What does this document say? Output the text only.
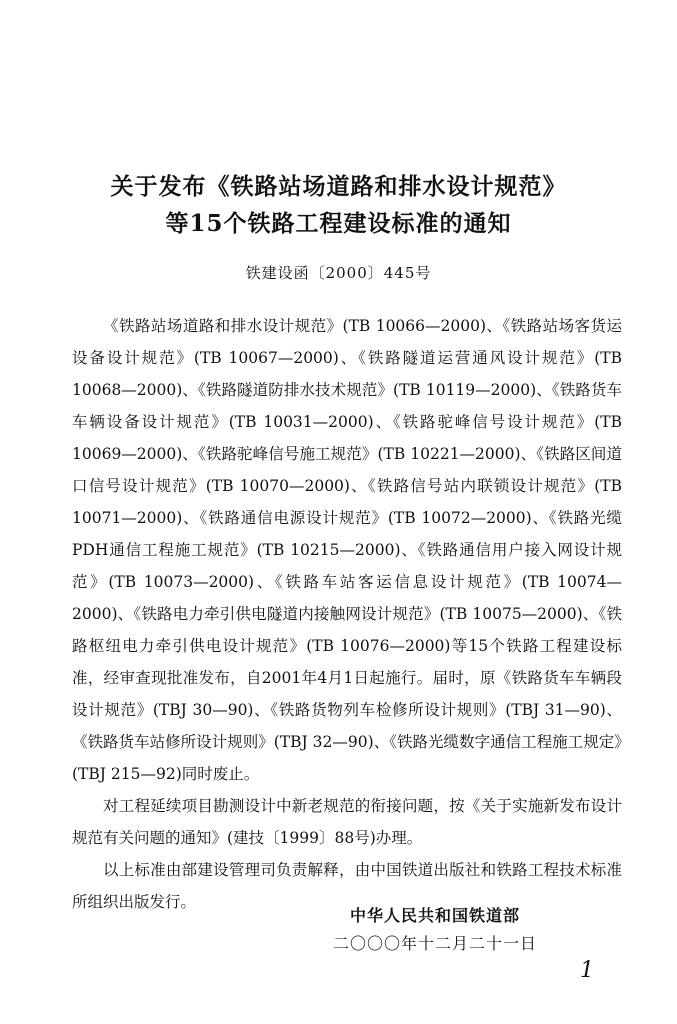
关于发布《铁路站场道路和排水设计规范》
等15个铁路工程建设标准的通知
铁建设函〔2000〕445号

《铁路站场道路和排水设计规范》(TB 10066—2000)、《铁路站场客货运设备设计规范》(TB 10067—2000)、《铁路隧道运营通风设计规范》(TB 10068—2000)、《铁路隧道防排水技术规范》(TB 10119—2000)、《铁路货车车辆设备设计规范》(TB 10031—2000)、《铁路驼峰信号设计规范》(TB 10069—2000)、《铁路驼峰信号施工规范》(TB 10221—2000)、《铁路区间道口信号设计规范》(TB 10070—2000)、《铁路信号站内联锁设计规范》(TB 10071—2000)、《铁路通信电源设计规范》(TB 10072—2000)、《铁路光缆PDH通信工程施工规范》(TB 10215—2000)、《铁路通信用户接入网设计规范》(TB 10073—2000)、《铁路车站客运信息设计规范》(TB 10074—2000)、《铁路电力牵引供电隧道内接触网设计规范》(TB 10075—2000)、《铁路枢纽电力牵引供电设计规范》(TB 10076—2000)等15个铁路工程建设标准，经审查现批准发布，自2001年4月1日起施行。届时，原《铁路货车车辆段设计规范》(TBJ 30—90)、《铁路货物列车检修所设计规则》(TBJ 31—90)、《铁路货车站修所设计规则》(TBJ 32—90)、《铁路光缆数字通信工程施工规定》(TBJ 215—92)同时废止。

对工程延续项目勘测设计中新老规范的衔接问题，按《关于实施新发布设计规范有关问题的通知》(建技〔1999〕88号)办理。

以上标准由部建设管理司负责解释，由中国铁道出版社和铁路工程技术标准所组织出版发行。

中华人民共和国铁道部
二〇〇〇年十二月二十一日
1
